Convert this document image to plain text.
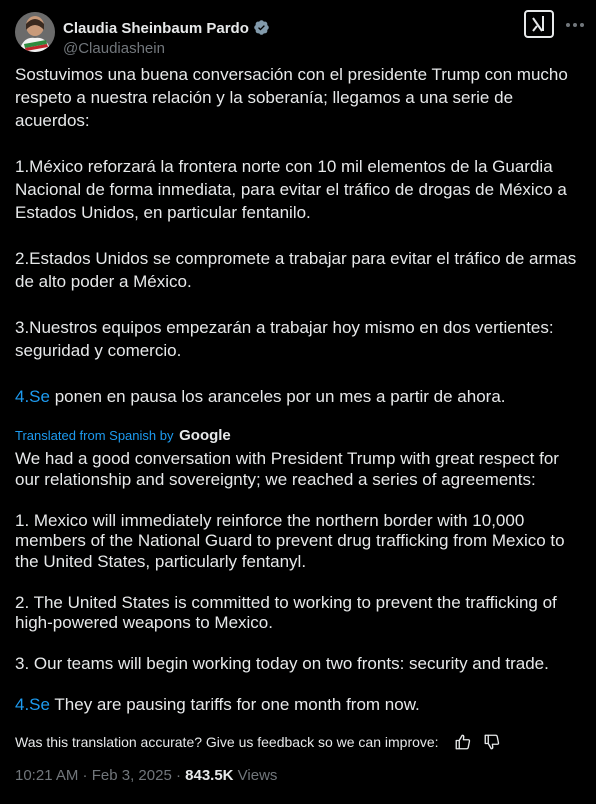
Claudia Sheinbaum Pardo
@Claudiashein
Sostuvimos una buena conversación con el presidente Trump con mucho respeto a nuestra relación y la soberanía; llegamos a una serie de acuerdos:

1.México reforzará la frontera norte con 10 mil elementos de la Guardia Nacional de forma inmediata, para evitar el tráfico de drogas de México a Estados Unidos, en particular fentanilo.

2.Estados Unidos se compromete a trabajar para evitar el tráfico de armas de alto poder a México.

3.Nuestros equipos empezarán a trabajar hoy mismo en dos vertientes: seguridad y comercio.

4.Se ponen en pausa los aranceles por un mes a partir de ahora.
Translated from Spanish by Google
We had a good conversation with President Trump with great respect for our relationship and sovereignty; we reached a series of agreements:

1. Mexico will immediately reinforce the northern border with 10,000 members of the National Guard to prevent drug trafficking from Mexico to the United States, particularly fentanyl.

2. The United States is committed to working to prevent the trafficking of high-powered weapons to Mexico.

3. Our teams will begin working today on two fronts: security and trade.

4.Se They are pausing tariffs for one month from now.
Was this translation accurate? Give us feedback so we can improve:
10:21 AM · Feb 3, 2025 · 843.5K Views
